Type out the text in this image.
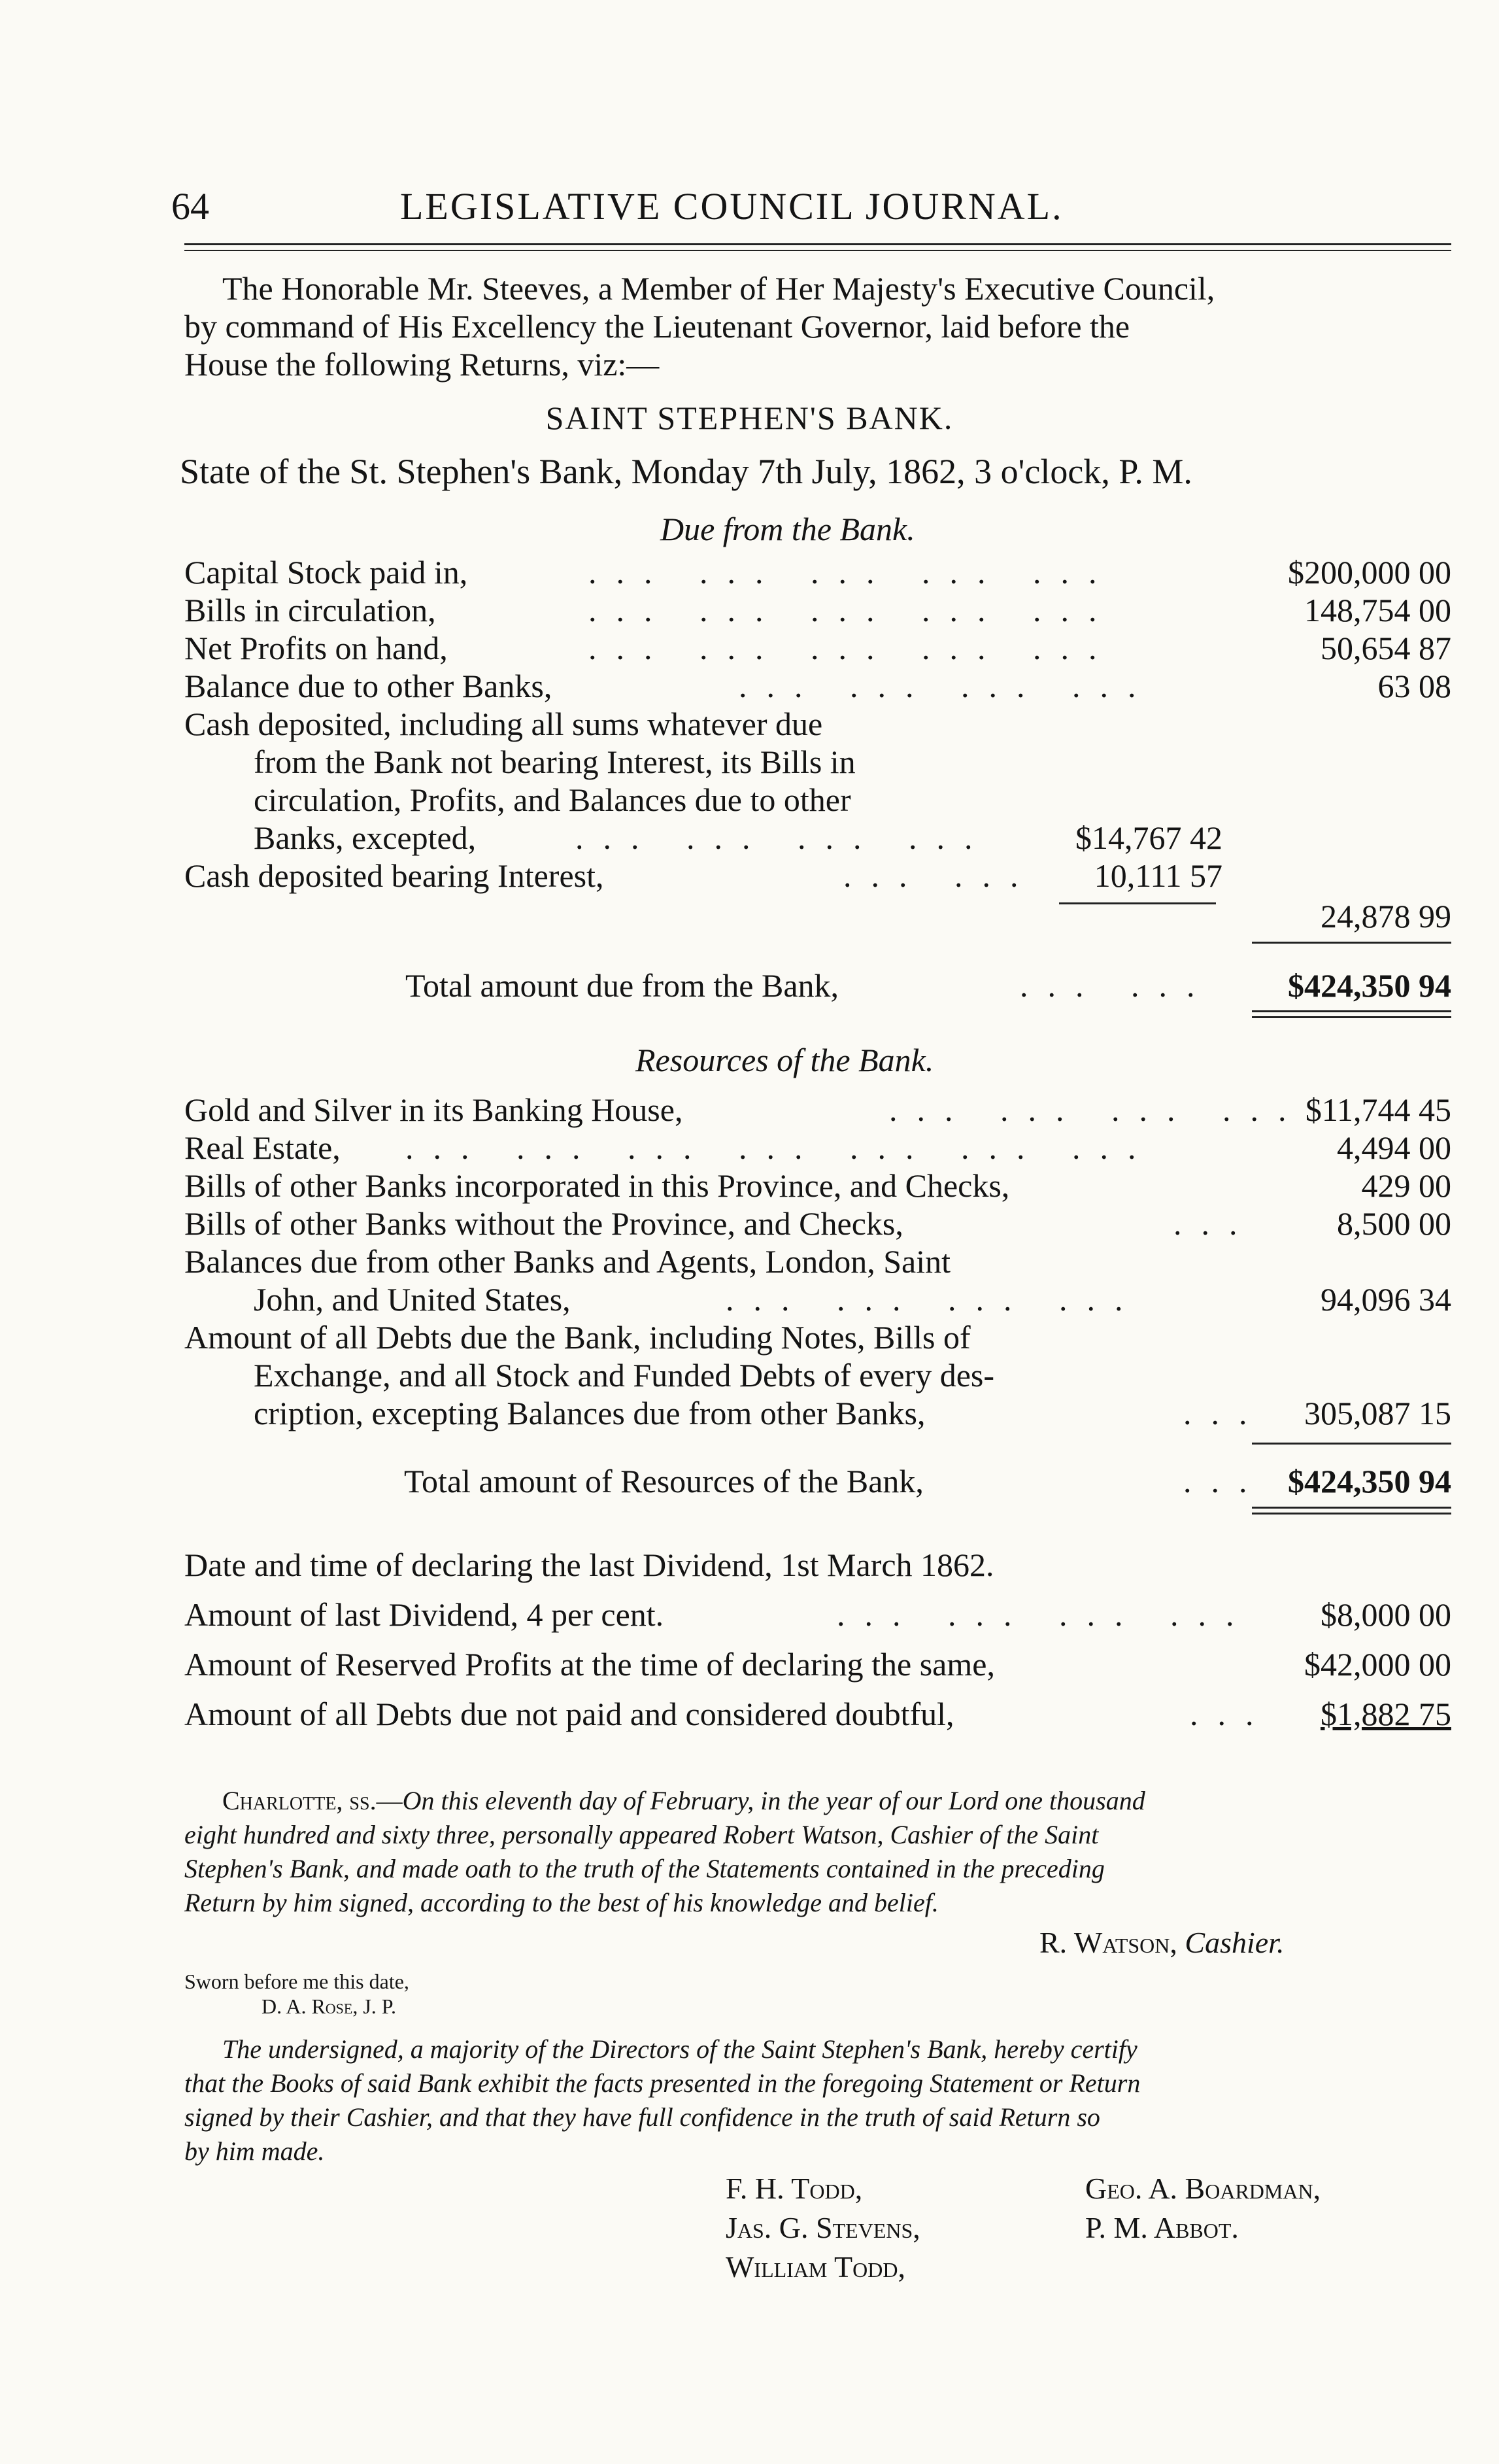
64	LEGISLATIVE COUNCIL JOURNAL.
The Honorable Mr. Steeves, a Member of Her Majesty's Executive Council,
by command of His Excellency the Lieutenant Governor, laid before the
House the following Returns, viz:—
SAINT STEPHEN'S BANK.
State of the St. Stephen's Bank, Monday 7th July, 1862, 3 o'clock, P. M.
Due from the Bank.
Capital Stock paid in,	... ... ... ... ...	$200,000 00
Bills in circulation,	... ... ... ... ...	148,754 00
Net Profits on hand,	... ... ... ... ...	50,654 87
Balance due to other Banks,	... ... ... ...	63 08
Cash deposited, including all sums whatever due
from the Bank not bearing Interest, its Bills in
circulation, Profits, and Balances due to other
Banks, excepted,	... ... ... ...	$14,767 42
Cash deposited bearing Interest,	... ...	10,111 57
24,878 99
Total amount due from the Bank,	... ...	$424,350 94
Resources of the Bank.
Gold and Silver in its Banking House,	... ... ... ... $11,744 45
Real Estate, ... ... ... ... ... ... ...	4,494 00
Bills of other Banks incorporated in this Province, and Checks,	429 00
Bills of other Banks without the Province, and Checks,	...	8,500 00
Balances due from other Banks and Agents, London, Saint
John, and United States,	... ... ... ...	94,096 34
Amount of all Debts due the Bank, including Notes, Bills of
Exchange, and all Stock and Funded Debts of every des-
cription, excepting Balances due from other Banks,	...	305,087 15
Total amount of Resources of the Bank,	... $424,350 94
Date and time of declaring the last Dividend, 1st March 1862.
Amount of last Dividend, 4 per cent.	... ... ... ...	$8,000 00
Amount of Reserved Profits at the time of declaring the same,	$42,000 00
Amount of all Debts due not paid and considered doubtful,	...	$1,882 75
Charlotte, ss.—On this eleventh day of February, in the year of our Lord one thousand
eight hundred and sixty three, personally appeared Robert Watson, Cashier of the Saint
Stephen's Bank, and made oath to the truth of the Statements contained in the preceding
Return by him signed, according to the best of his knowledge and belief.
R. Watson, Cashier.
Sworn before me this date,
D. A. Rose, J. P.
The undersigned, a majority of the Directors of the Saint Stephen's Bank, hereby certify
that the Books of said Bank exhibit the facts presented in the foregoing Statement or Return
signed by their Cashier, and that they have full confidence in the truth of said Return so
by him made.
F. H. Todd,
Jas. G. Stevens,
William Todd,
Geo. A. Boardman,
P. M. Abbot.
